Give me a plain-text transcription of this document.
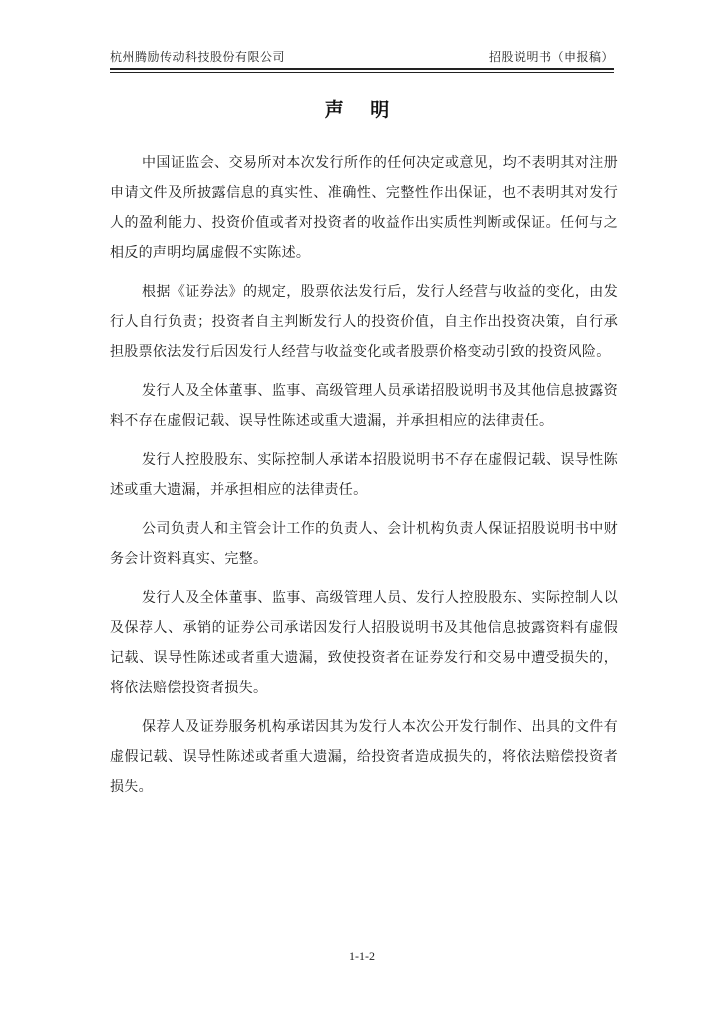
杭州腾励传动科技股份有限公司	招股说明书（申报稿）
声 明

中国证监会、交易所对本次发行所作的任何决定或意见，均不表明其对注册申请文件及所披露信息的真实性、准确性、完整性作出保证，也不表明其对发行人的盈利能力、投资价值或者对投资者的收益作出实质性判断或保证。任何与之相反的声明均属虚假不实陈述。

根据《证券法》的规定，股票依法发行后，发行人经营与收益的变化，由发行人自行负责；投资者自主判断发行人的投资价值，自主作出投资决策，自行承担股票依法发行后因发行人经营与收益变化或者股票价格变动引致的投资风险。

发行人及全体董事、监事、高级管理人员承诺招股说明书及其他信息披露资料不存在虚假记载、误导性陈述或重大遗漏，并承担相应的法律责任。

发行人控股股东、实际控制人承诺本招股说明书不存在虚假记载、误导性陈述或重大遗漏，并承担相应的法律责任。

公司负责人和主管会计工作的负责人、会计机构负责人保证招股说明书中财务会计资料真实、完整。

发行人及全体董事、监事、高级管理人员、发行人控股股东、实际控制人以及保荐人、承销的证券公司承诺因发行人招股说明书及其他信息披露资料有虚假记载、误导性陈述或者重大遗漏，致使投资者在证券发行和交易中遭受损失的，将依法赔偿投资者损失。

保荐人及证券服务机构承诺因其为发行人本次公开发行制作、出具的文件有虚假记载、误导性陈述或者重大遗漏，给投资者造成损失的，将依法赔偿投资者损失。

1-1-2
